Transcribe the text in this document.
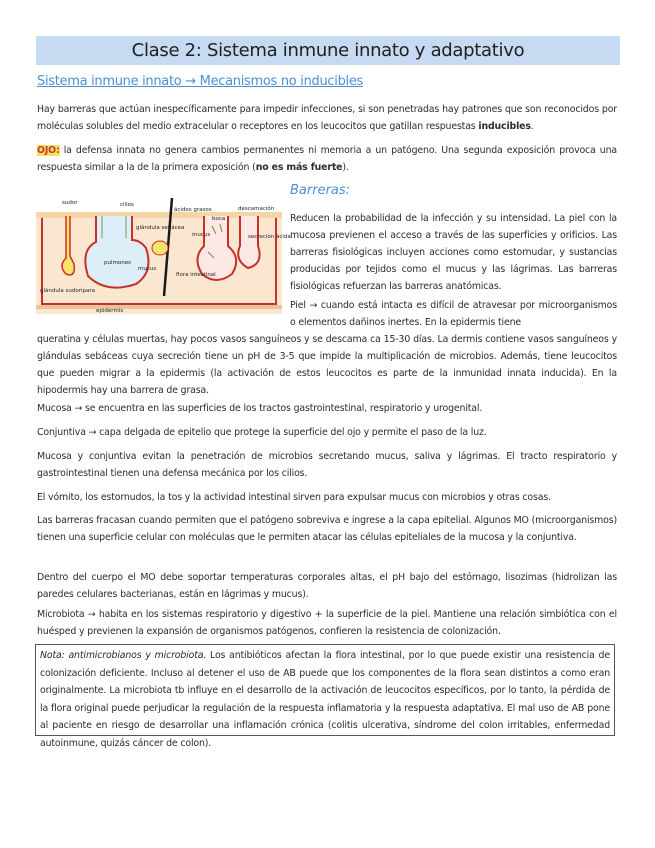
Clase 2: Sistema inmune innato y adaptativo
Sistema inmune innato → Mecanismos no inducibles
Hay barreras que actúan inespecíficamente para impedir infecciones, si son penetradas hay patrones que son reconocidos por moléculas solubles del medio extracelular o receptores en los leucocitos que gatillan respuestas inducibles.
OJO: la defensa innata no genera cambios permanentes ni memoria a un patógeno. Una segunda exposición provoca una respuesta similar a la de la primera exposición (no es más fuerte).
Barreras:
sudor	cilios
ácidos grasos
boca
descamación
glándula sebácea
mucus	secreción ácida
pulmones
mucus
flora intestinal
glándula sudorípara
epidermis
Reducen la probabilidad de la infección y su intensidad. La piel con la mucosa previenen el acceso a través de las superficies y orificios. Las barreras fisiológicas incluyen acciones como estornudar, y sustancias producidas por tejidos como el mucus y las lágrimas. Las barreras fisiológicas refuerzan las barreras anatómicas.
Piel → cuando está intacta es difícil de atravesar por microorganismos o elementos dañinos inertes. En la epidermis tiene
queratina y células muertas, hay pocos vasos sanguíneos y se descama ca 15-30 días. La dermis contiene vasos sanguíneos y glándulas sebáceas cuya secreción tiene un pH de 3-5 que impide la multiplicación de microbios. Además, tiene leucocitos que pueden migrar a la epidermis (la activación de estos leucocitos es parte de la inmunidad innata inducida). En la hipodermis hay una barrera de grasa.
Mucosa → se encuentra en las superficies de los tractos gastrointestinal, respiratorio y urogenital.
Conjuntiva → capa delgada de epitelio que protege la superficie del ojo y permite el paso de la luz.
Mucosa y conjuntiva evitan la penetración de microbios secretando mucus, saliva y lágrimas. El tracto respiratorio y gastrointestinal tienen una defensa mecánica por los cilios.
El vómito, los estornudos, la tos y la actividad intestinal sirven para expulsar mucus con microbios y otras cosas.
Las barreras fracasan cuando permiten que el patógeno sobreviva e ingrese a la capa epitelial. Algunos MO (microorganismos) tienen una superficie celular con moléculas que le permiten atacar las células epiteliales de la mucosa y la conjuntiva.
Dentro del cuerpo el MO debe soportar temperaturas corporales altas, el pH bajo del estómago, lisozimas (hidrolizan las paredes celulares bacterianas, están en lágrimas y mucus).
Microbiota → habita en los sistemas respiratorio y digestivo + la superficie de la piel. Mantiene una relación simbiótica con el huésped y previenen la expansión de organismos patógenos, confieren la resistencia de colonización.
Nota: antimicrobianos y microbiota. Los antibióticos afectan la flora intestinal, por lo que puede existir una resistencia de colonización deficiente. Incluso al detener el uso de AB puede que los componentes de la flora sean distintos a como eran originalmente. La microbiota tb influye en el desarrollo de la activación de leucocitos específicos, por lo tanto, la pérdida de la flora original puede perjudicar la regulación de la respuesta inflamatoria y la respuesta adaptativa. El mal uso de AB pone al paciente en riesgo de desarrollar una inflamación crónica (colitis ulcerativa, síndrome del colon irritables, enfermedad autoinmune, quizás cáncer de colon).
